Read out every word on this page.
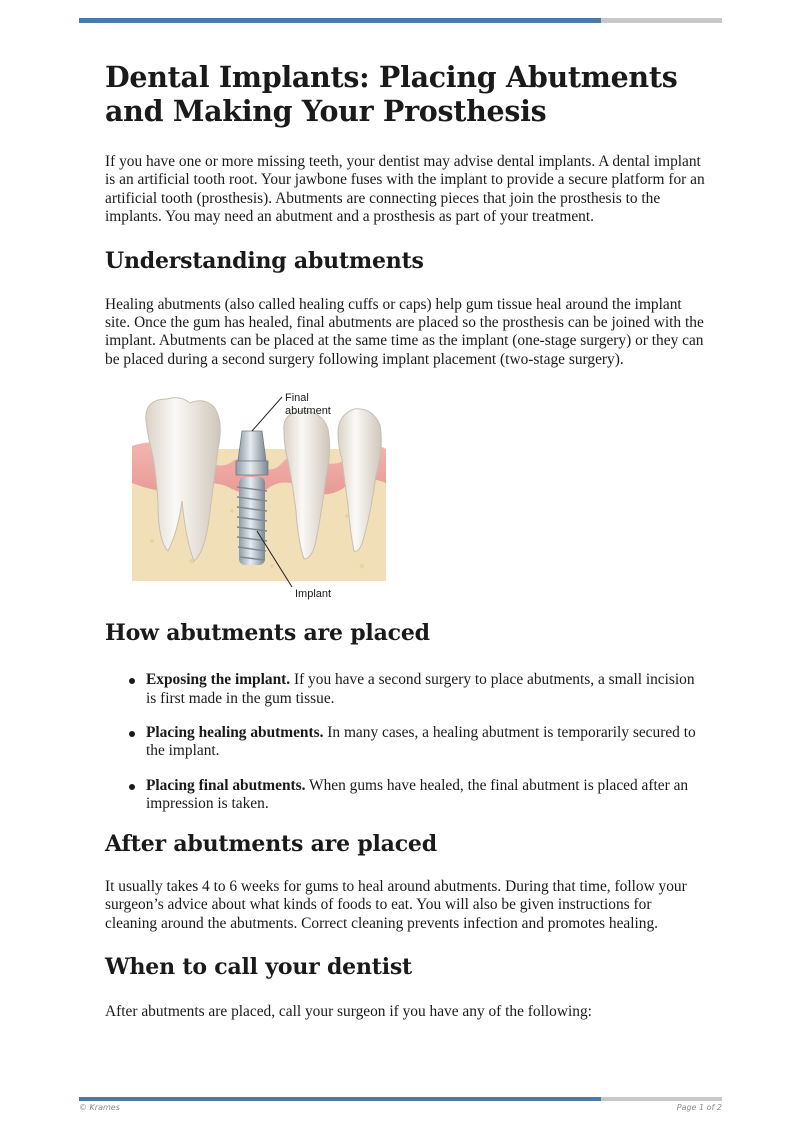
Dental Implants: Placing Abutments and Making Your Prosthesis

If you have one or more missing teeth, your dentist may advise dental implants. A dental implant is an artificial tooth root. Your jawbone fuses with the implant to provide a secure platform for an artificial tooth (prosthesis). Abutments are connecting pieces that join the prosthesis to the implants. You may need an abutment and a prosthesis as part of your treatment.

Understanding abutments

Healing abutments (also called healing cuffs or caps) help gum tissue heal around the implant site. Once the gum has healed, final abutments are placed so the prosthesis can be joined with the implant. Abutments can be placed at the same time as the implant (one-stage surgery) or they can be placed during a second surgery following implant placement (two-stage surgery).

Final
abutment
Implant
How abutments are placed
Exposing the implant. If you have a second surgery to place abutments, a small incision is first made in the gum tissue.
Placing healing abutments. In many cases, a healing abutment is temporarily secured to the implant.
Placing final abutments. When gums have healed, the final abutment is placed after an impression is taken.
After abutments are placed

It usually takes 4 to 6 weeks for gums to heal around abutments. During that time, follow your surgeon’s advice about what kinds of foods to eat. You will also be given instructions for cleaning around the abutments. Correct cleaning prevents infection and promotes healing.

When to call your dentist

After abutments are placed, call your surgeon if you have any of the following:

© Krames	Page 1 of 2
